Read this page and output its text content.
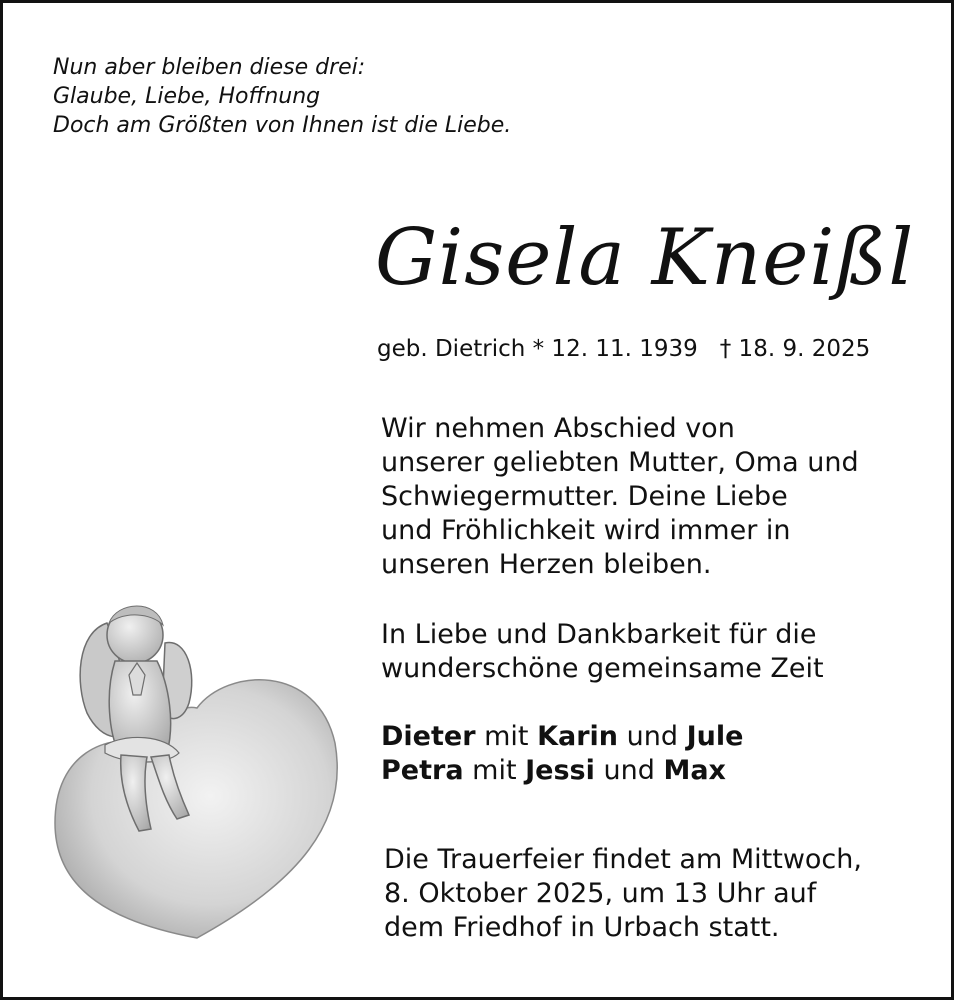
Nun aber bleiben diese drei:
Glaube, Liebe, Hoffnung
Doch am Größten von Ihnen ist die Liebe.
Gisela Kneißl
geb. Dietrich * 12. 11. 1939 † 18. 9. 2025
Wir nehmen Abschied von
unserer geliebten Mutter, Oma und
Schwiegermutter. Deine Liebe
und Fröhlichkeit wird immer in
unseren Herzen bleiben.
In Liebe und Dankbarkeit für die
wunderschöne gemeinsame Zeit
Dieter mit Karin und Jule
Petra mit Jessi und Max
Die Trauerfeier findet am Mittwoch,
8. Oktober 2025, um 13 Uhr auf
dem Friedhof in Urbach statt.
